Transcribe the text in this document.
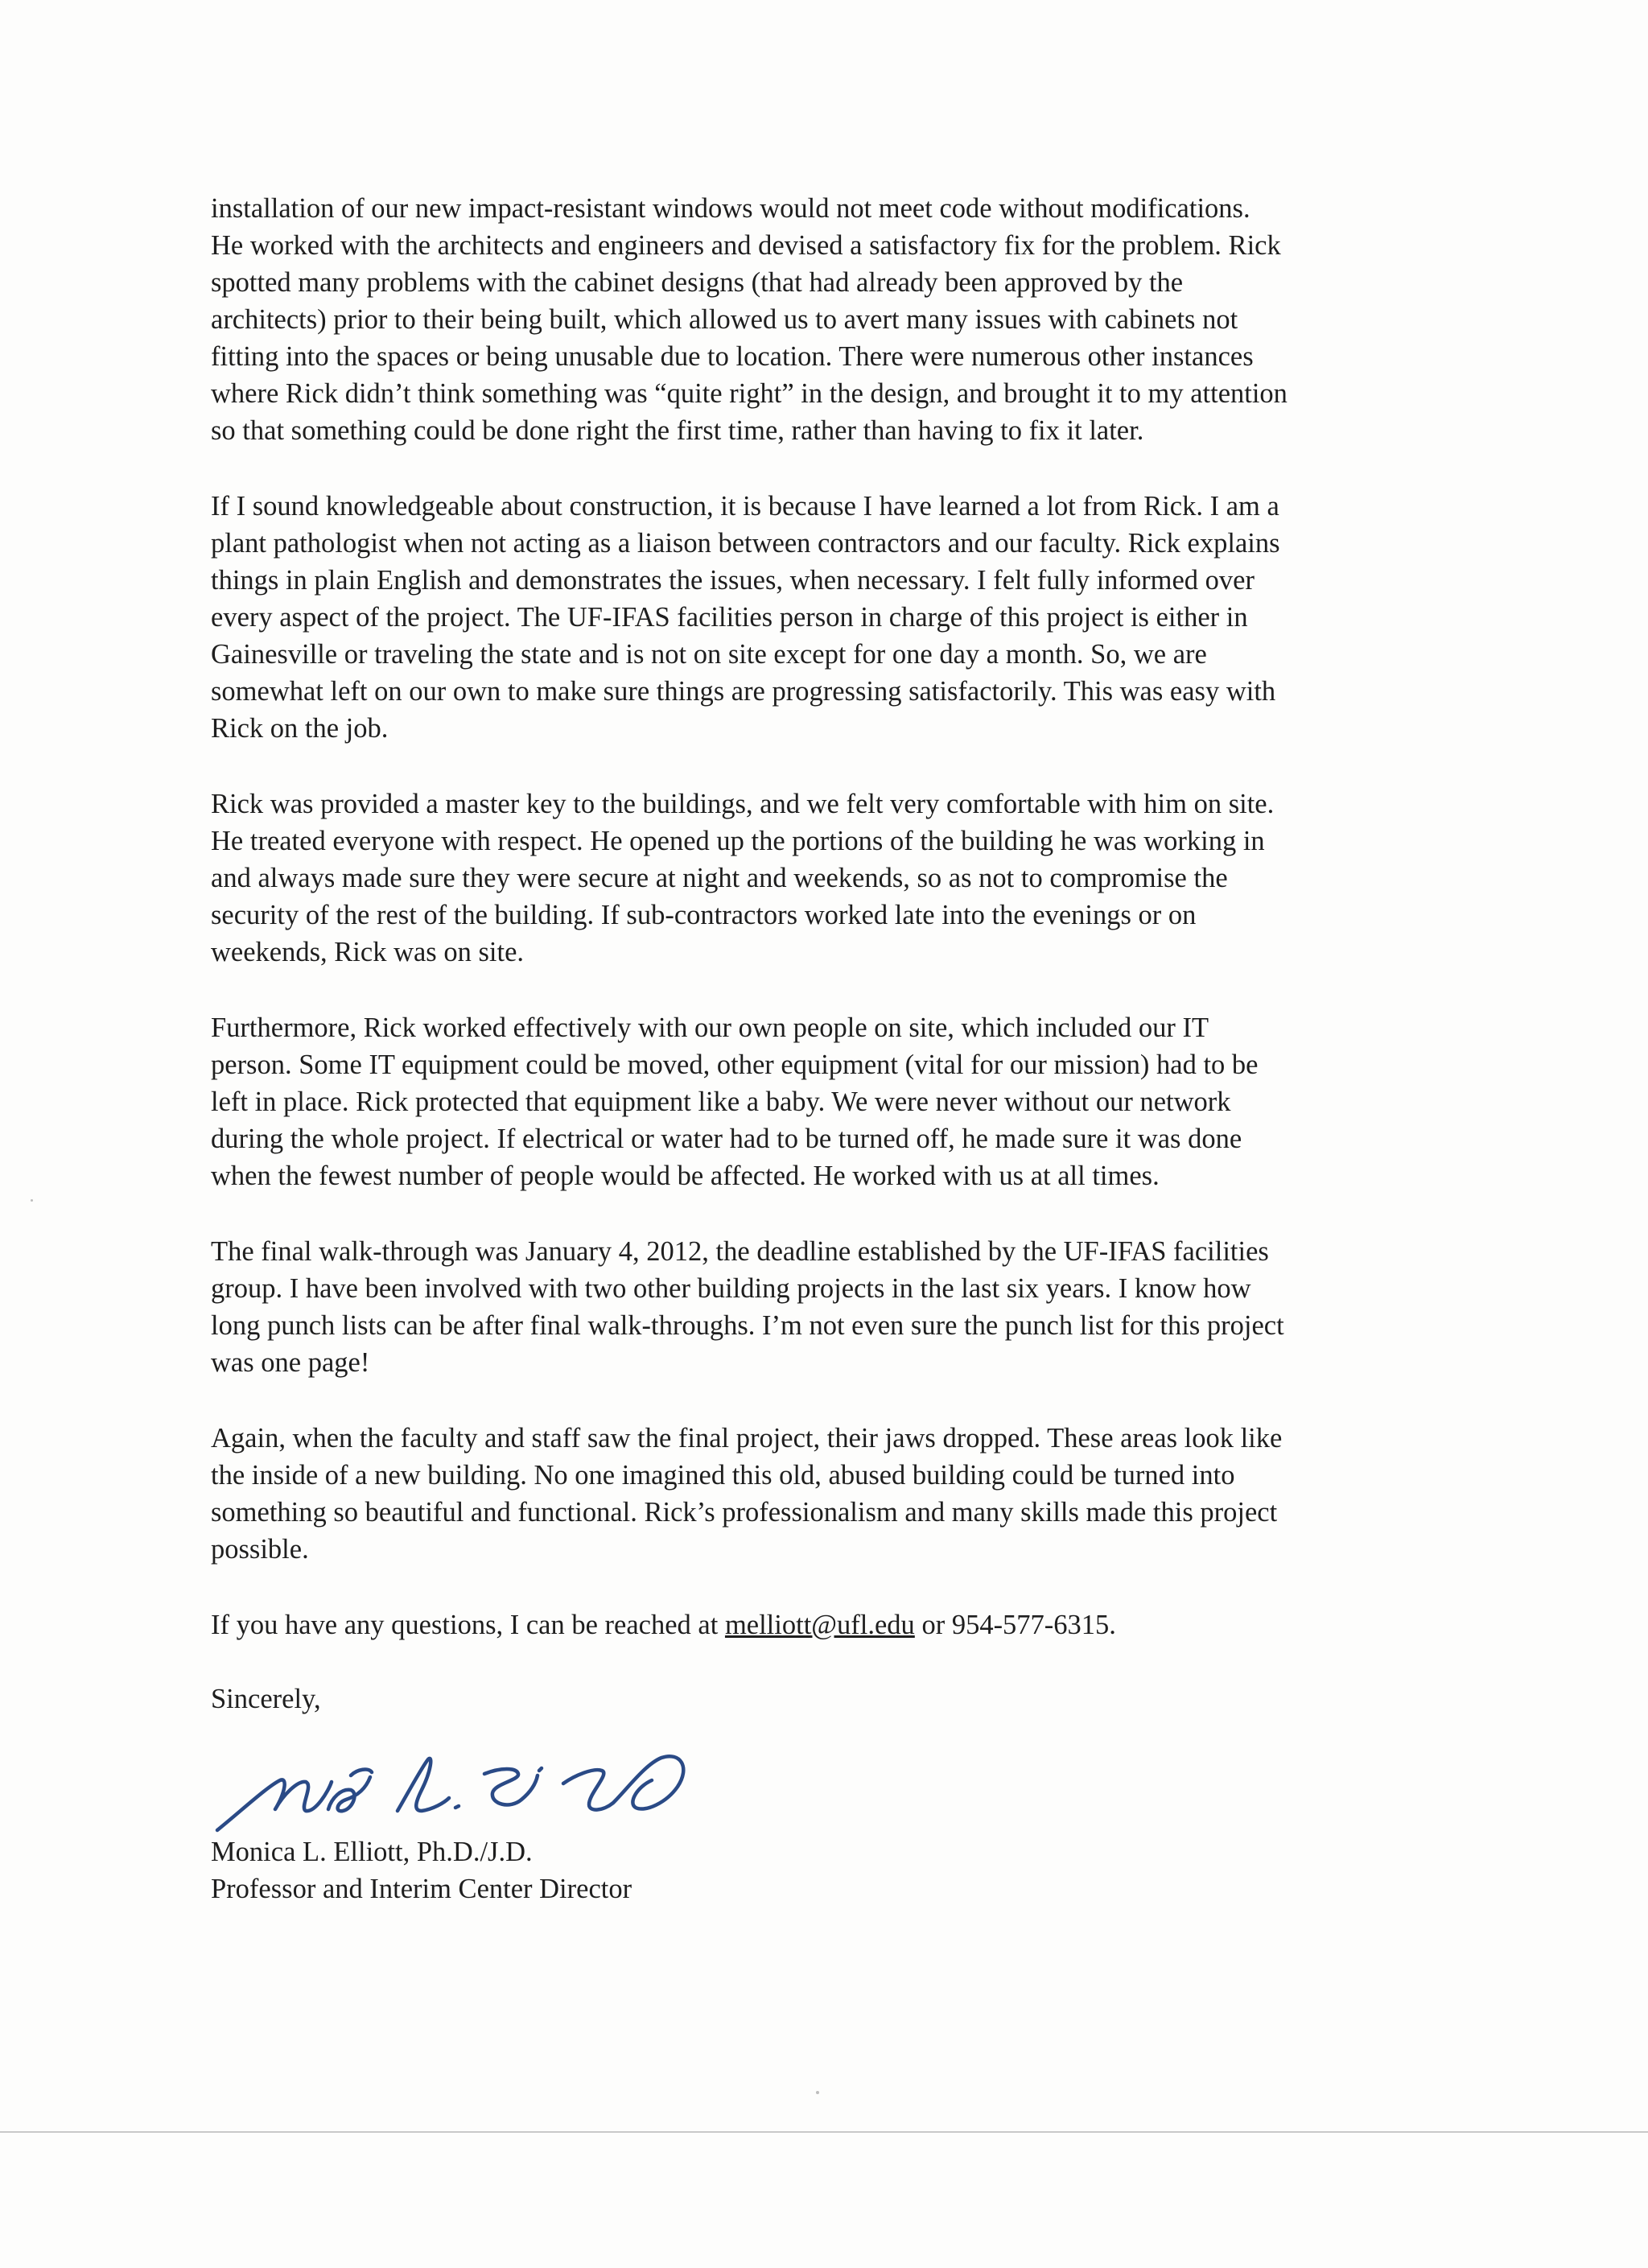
installation of our new impact-resistant windows would not meet code without modifications.
He worked with the architects and engineers and devised a satisfactory fix for the problem. Rick
spotted many problems with the cabinet designs (that had already been approved by the
architects) prior to their being built, which allowed us to avert many issues with cabinets not
fitting into the spaces or being unusable due to location. There were numerous other instances
where Rick didn’t think something was “quite right” in the design, and brought it to my attention
so that something could be done right the first time, rather than having to fix it later.
If I sound knowledgeable about construction, it is because I have learned a lot from Rick. I am a
plant pathologist when not acting as a liaison between contractors and our faculty. Rick explains
things in plain English and demonstrates the issues, when necessary. I felt fully informed over
every aspect of the project. The UF-IFAS facilities person in charge of this project is either in
Gainesville or traveling the state and is not on site except for one day a month. So, we are
somewhat left on our own to make sure things are progressing satisfactorily. This was easy with
Rick on the job.
Rick was provided a master key to the buildings, and we felt very comfortable with him on site.
He treated everyone with respect. He opened up the portions of the building he was working in
and always made sure they were secure at night and weekends, so as not to compromise the
security of the rest of the building. If sub-contractors worked late into the evenings or on
weekends, Rick was on site.
Furthermore, Rick worked effectively with our own people on site, which included our IT
person. Some IT equipment could be moved, other equipment (vital for our mission) had to be
left in place. Rick protected that equipment like a baby. We were never without our network
during the whole project. If electrical or water had to be turned off, he made sure it was done
when the fewest number of people would be affected. He worked with us at all times.
The final walk-through was January 4, 2012, the deadline established by the UF-IFAS facilities
group. I have been involved with two other building projects in the last six years. I know how
long punch lists can be after final walk-throughs. I’m not even sure the punch list for this project
was one page!
Again, when the faculty and staff saw the final project, their jaws dropped. These areas look like
the inside of a new building. No one imagined this old, abused building could be turned into
something so beautiful and functional. Rick’s professionalism and many skills made this project
possible.
If you have any questions, I can be reached at melliott@ufl.edu or 954-577-6315.
Sincerely,
Monica L. Elliott, Ph.D./J.D.
Professor and Interim Center Director
